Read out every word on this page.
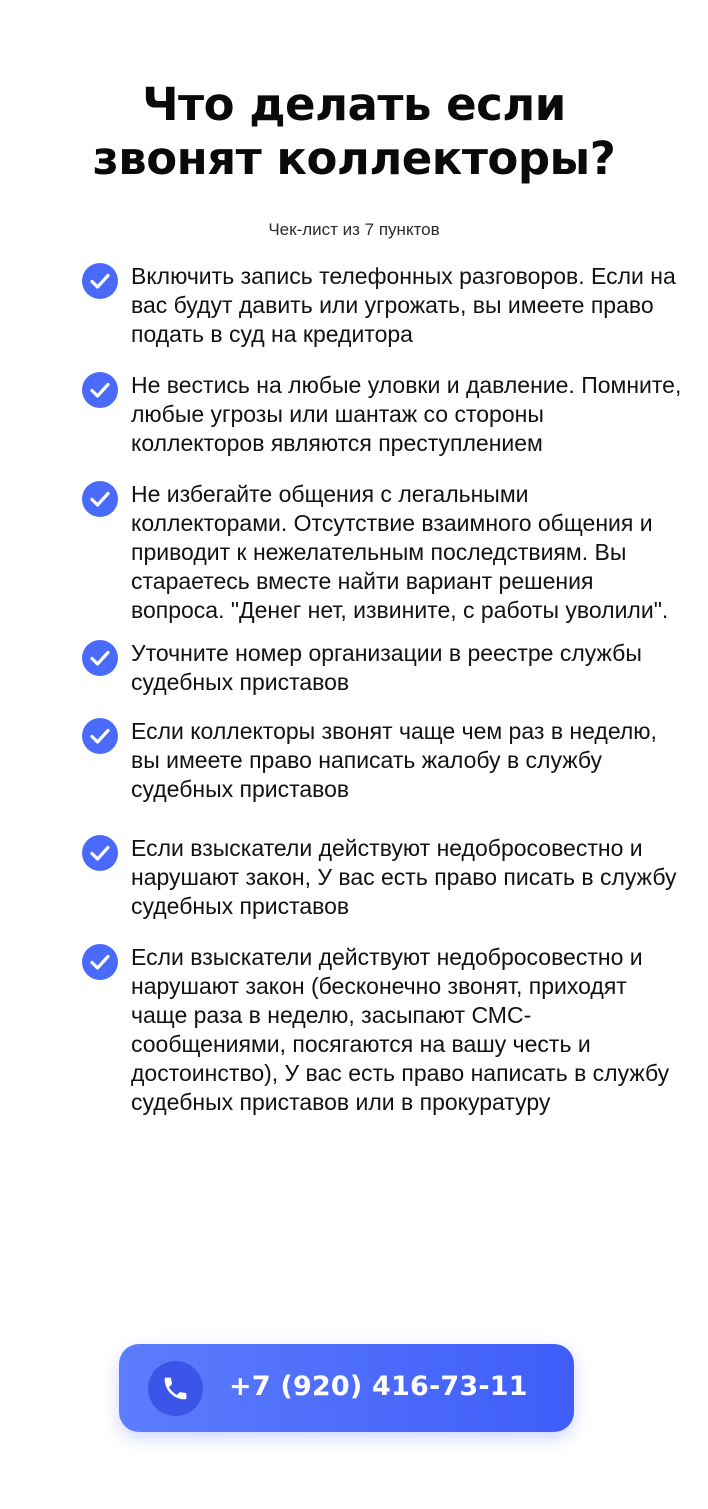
Что делать если
звонят коллекторы?
Чек-лист из 7 пунктов
Включить запись телефонных разговоров. Если на вас будут давить или угрожать, вы имеете право подать в суд на кредитора
Не вестись на любые уловки и давление. Помните, любые угрозы или шантаж со стороны коллекторов являются преступлением
Не избегайте общения с легальными коллекторами. Отсутствие взаимного общения и приводит к нежелательным последствиям. Вы стараетесь вместе найти вариант решения вопроса. "Денег нет, извините, с работы уволили".
Уточните номер организации в реестре службы судебных приставов
Если коллекторы звонят чаще чем раз в неделю, вы имеете право написать жалобу в службу судебных приставов
Если взыскатели действуют недобросовестно и нарушают закон, У вас есть право писать в службу судебных приставов
Если взыскатели действуют недобросовестно и нарушают закон (бесконечно звонят, приходят чаще раза в неделю, засыпают СМС-сообщениями, посягаются на вашу честь и достоинство), У вас есть право написать в службу судебных приставов или в прокуратуру
+7 (920) 416-73-11
